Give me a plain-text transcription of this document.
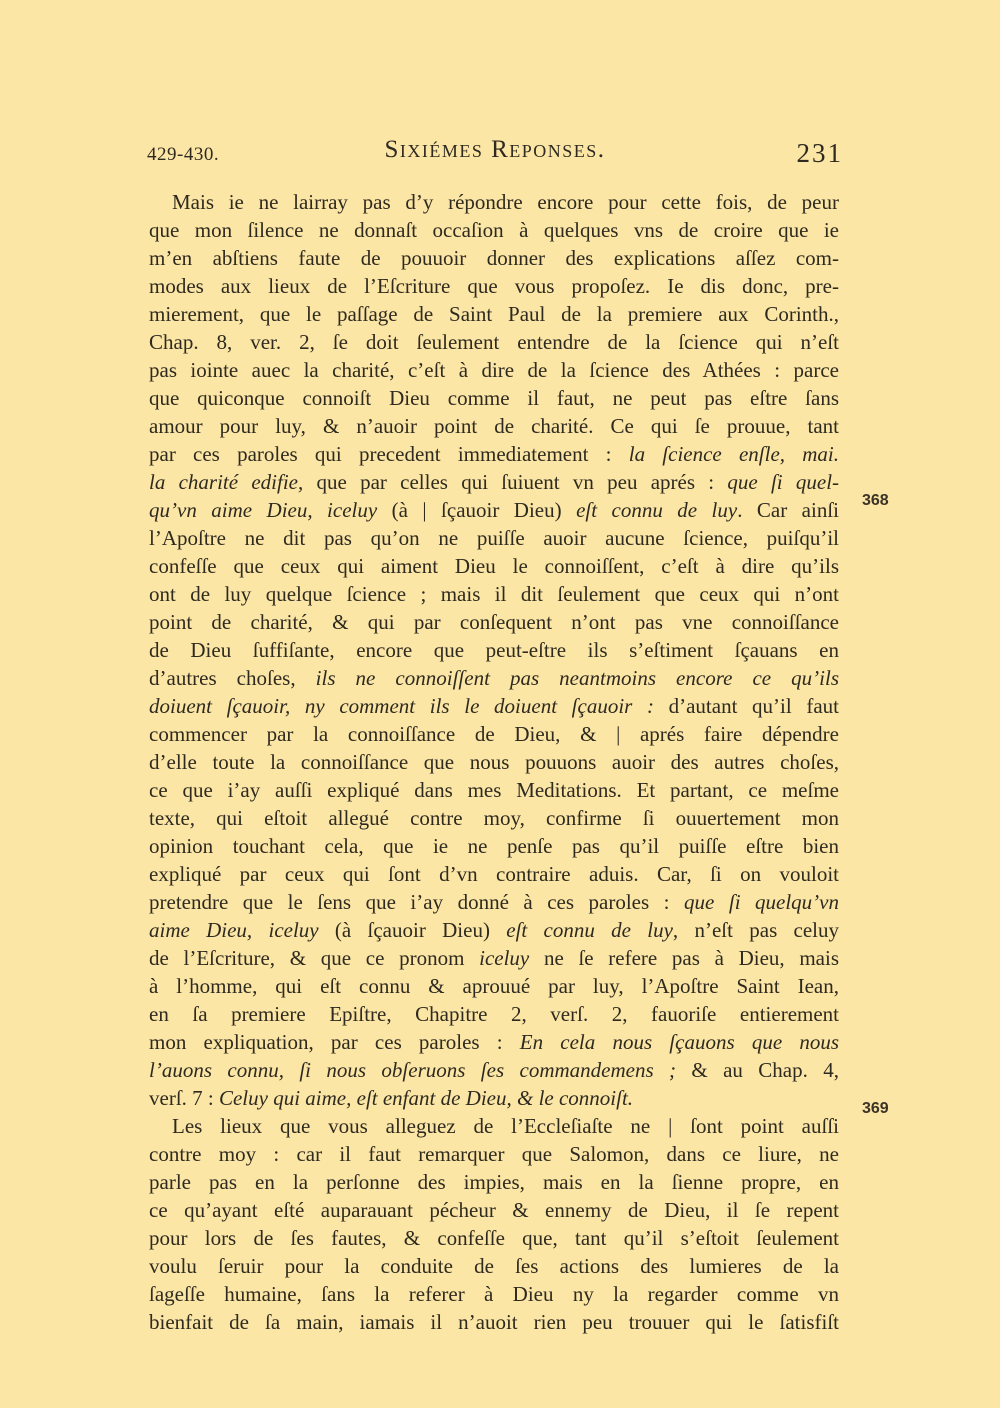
429-430.	Sixiémes Reponses.	231
Mais ie ne lairray pas d’y répondre encore pour cette fois, de peur
que mon ſilence ne donnaſt occaſion à quelques vns de croire que ie
m’en abſtiens faute de pouuoir donner des explications aſſez com-
modes aux lieux de l’Eſcriture que vous propoſez. Ie dis donc, pre-
mierement, que le paſſage de Saint Paul de la premiere aux Corinth.,
Chap. 8, ver. 2, ſe doit ſeulement entendre de la ſcience qui n’eſt
pas iointe auec la charité, c’eſt à dire de la ſcience des Athées : parce
que quiconque connoiſt Dieu comme il faut, ne peut pas eſtre ſans
amour pour luy, & n’auoir point de charité. Ce qui ſe prouue, tant
par ces paroles qui precedent immediatement : la ſcience enſle, mai.
la charité edifie, que par celles qui ſuiuent vn peu aprés : que ſi quel-
qu’vn aime Dieu, iceluy (à | ſçauoir Dieu) eſt connu de luy. Car ainſi
l’Apoſtre ne dit pas qu’on ne puiſſe auoir aucune ſcience, puiſqu’il
confeſſe que ceux qui aiment Dieu le connoiſſent, c’eſt à dire qu’ils
ont de luy quelque ſcience ; mais il dit ſeulement que ceux qui n’ont
point de charité, & qui par conſequent n’ont pas vne connoiſſance
de Dieu ſuffiſante, encore que peut-eſtre ils s’eſtiment ſçauans en
d’autres choſes, ils ne connoiſſent pas neantmoins encore ce qu’ils
doiuent ſçauoir, ny comment ils le doiuent ſçauoir : d’autant qu’il faut
commencer par la connoiſſance de Dieu, & | aprés faire dépendre
d’elle toute la connoiſſance que nous pouuons auoir des autres choſes,
ce que i’ay auſſi expliqué dans mes Meditations. Et partant, ce meſme
texte, qui eſtoit allegué contre moy, confirme ſi ouuertement mon
opinion touchant cela, que ie ne penſe pas qu’il puiſſe eſtre bien
expliqué par ceux qui ſont d’vn contraire aduis. Car, ſi on vouloit
pretendre que le ſens que i’ay donné à ces paroles : que ſi quelqu’vn
aime Dieu, iceluy (à ſçauoir Dieu) eſt connu de luy, n’eſt pas celuy
de l’Eſcriture, & que ce pronom iceluy ne ſe refere pas à Dieu, mais
à l’homme, qui eſt connu & aprouué par luy, l’Apoſtre Saint Iean,
en ſa premiere Epiſtre, Chapitre 2, verſ. 2, fauoriſe entierement
mon expliquation, par ces paroles : En cela nous ſçauons que nous
l’auons connu, ſi nous obſeruons ſes commandemens ; & au Chap. 4,
verſ. 7 : Celuy qui aime, eſt enfant de Dieu, & le connoiſt.
Les lieux que vous alleguez de l’Eccleſiaſte ne | ſont point auſſi
contre moy : car il faut remarquer que Salomon, dans ce liure, ne
parle pas en la perſonne des impies, mais en la ſienne propre, en
ce qu’ayant eſté auparauant pécheur & ennemy de Dieu, il ſe repent
pour lors de ſes fautes, & confeſſe que, tant qu’il s’eſtoit ſeulement
voulu ſeruir pour la conduite de ſes actions des lumieres de la
ſageſſe humaine, ſans la referer à Dieu ny la regarder comme vn
bienfait de ſa main, iamais il n’auoit rien peu trouuer qui le ſatisfiſt
368
369
